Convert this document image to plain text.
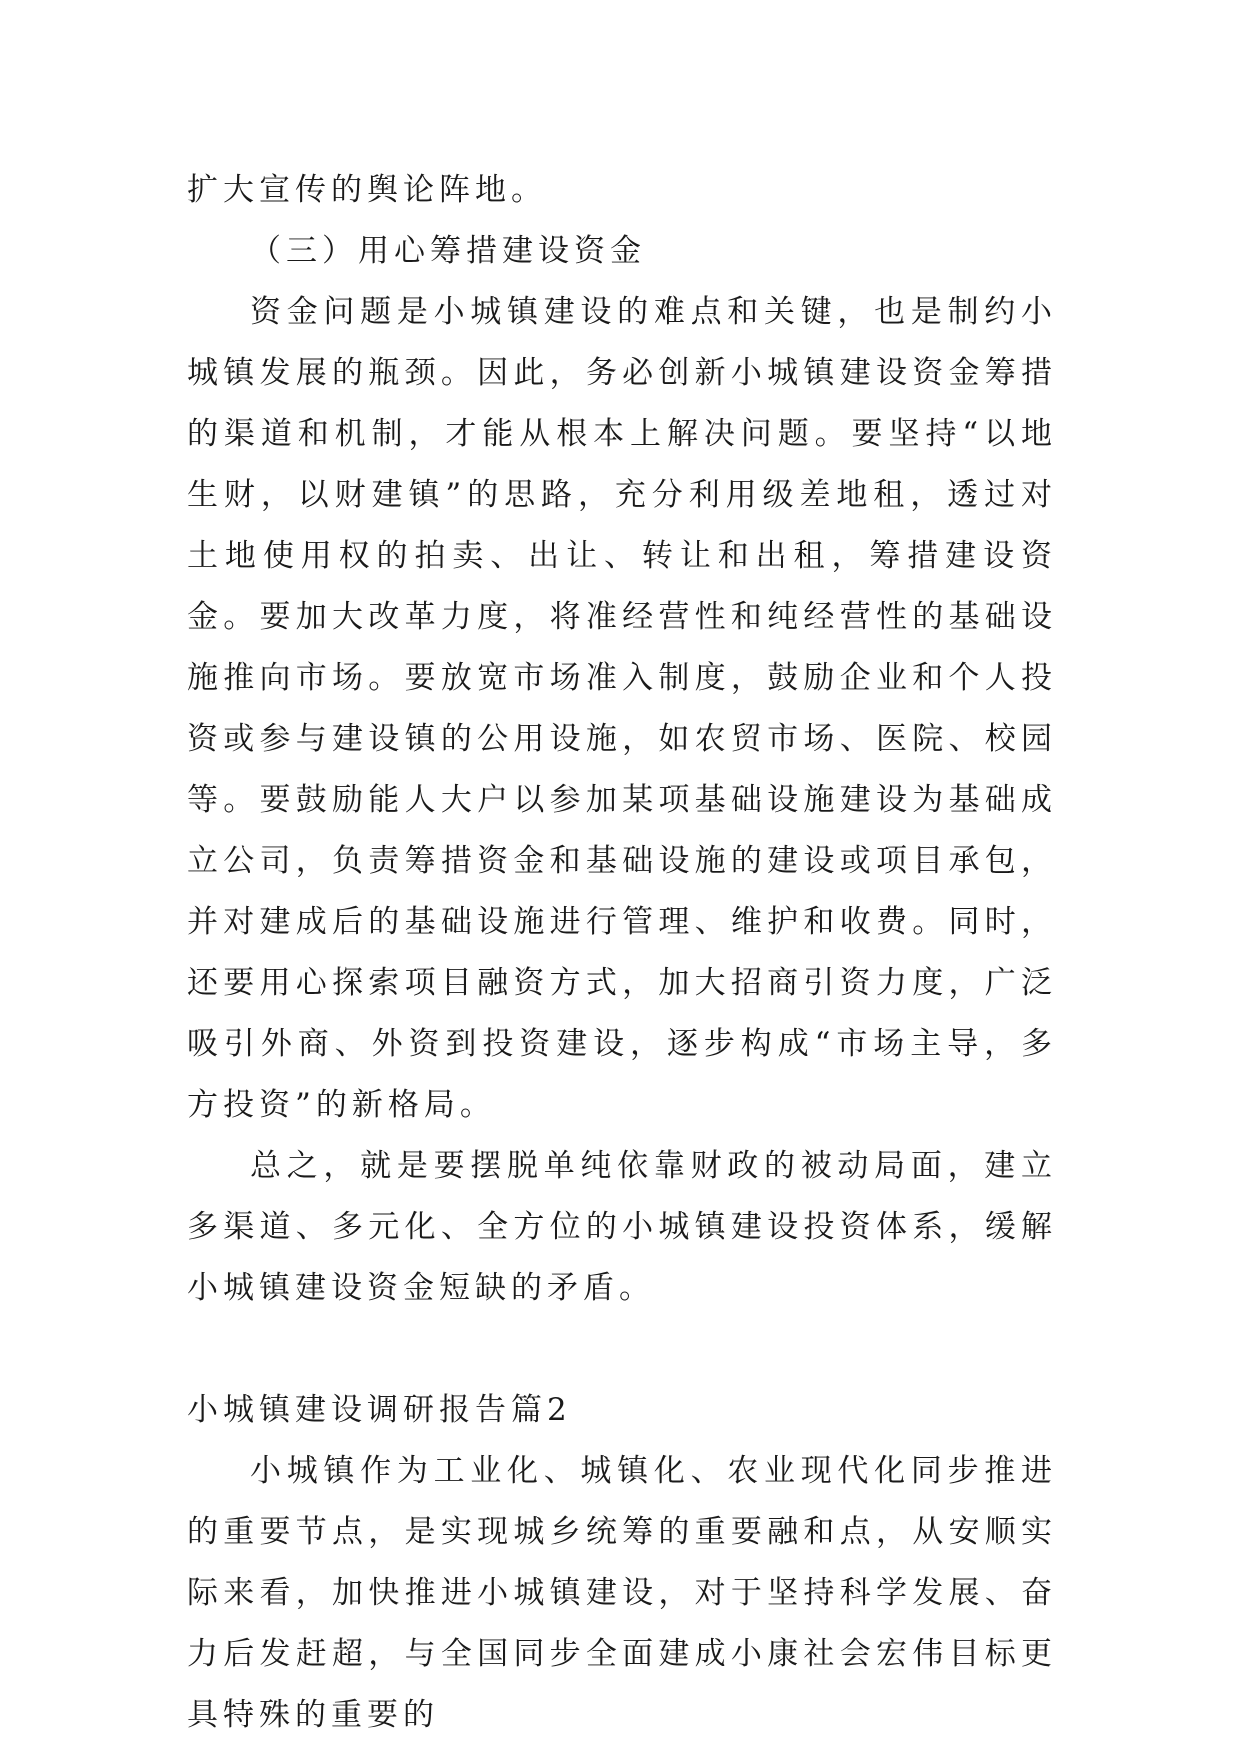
扩大宣传的舆论阵地。

（三）用心筹措建设资金

资金问题是小城镇建设的难点和关键，也是制约小城镇发展的瓶颈。因此，务必创新小城镇建设资金筹措的渠道和机制，才能从根本上解决问题。要坚持“以地生财，以财建镇”的思路，充分利用级差地租，透过对土地使用权的拍卖、出让、转让和出租，筹措建设资金。要加大改革力度，将准经营性和纯经营性的基础设施推向市场。要放宽市场准入制度，鼓励企业和个人投资或参与建设镇的公用设施，如农贸市场、医院、校园等。要鼓励能人大户以参加某项基础设施建设为基础成立公司，负责筹措资金和基础设施的建设或项目承包，并对建成后的基础设施进行管理、维护和收费。同时，还要用心探索项目融资方式，加大招商引资力度，广泛吸引外商、外资到投资建设，逐步构成“市场主导，多方投资”的新格局。

总之，就是要摆脱单纯依靠财政的被动局面，建立多渠道、多元化、全方位的小城镇建设投资体系，缓解小城镇建设资金短缺的矛盾。

小城镇建设调研报告篇2

小城镇作为工业化、城镇化、农业现代化同步推进的重要节点，是实现城乡统筹的重要融和点，从安顺实际来看，加快推进小城镇建设，对于坚持科学发展、奋力后发赶超，与全国同步全面建成小康社会宏伟目标更具特殊的重要的
